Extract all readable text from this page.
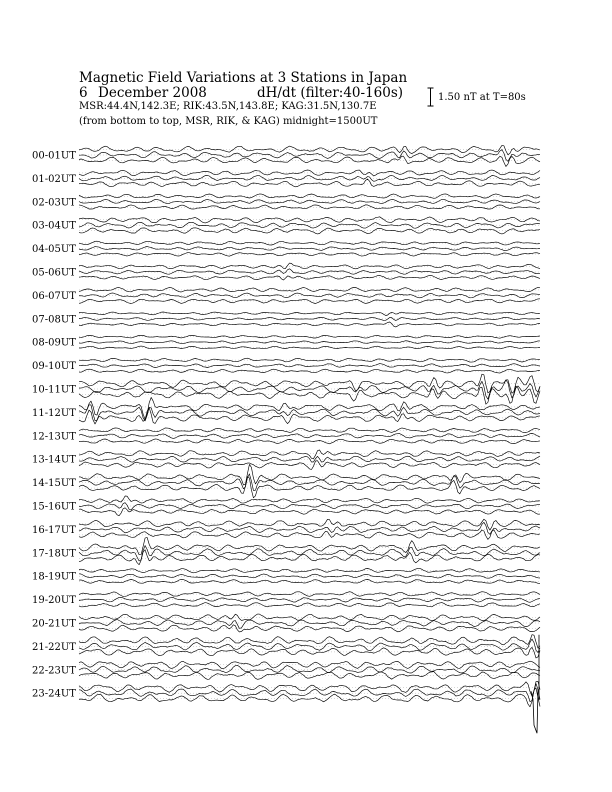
Magnetic Field Variations at 3 Stations in Japan
6 December 2008	dH/dt (filter:40-160s)
MSR:44.4N,142.3E; RIK:43.5N,143.8E; KAG:31.5N,130.7E
(from bottom to top, MSR, RIK, & KAG) midnight=1500UT
1.50 nT at T=80s
00-01UT
01-02UT
02-03UT
03-04UT
04-05UT
05-06UT
06-07UT
07-08UT
08-09UT
09-10UT
10-11UT
11-12UT
12-13UT
13-14UT
14-15UT
15-16UT
16-17UT
17-18UT
18-19UT
19-20UT
20-21UT
21-22UT
22-23UT
23-24UT
